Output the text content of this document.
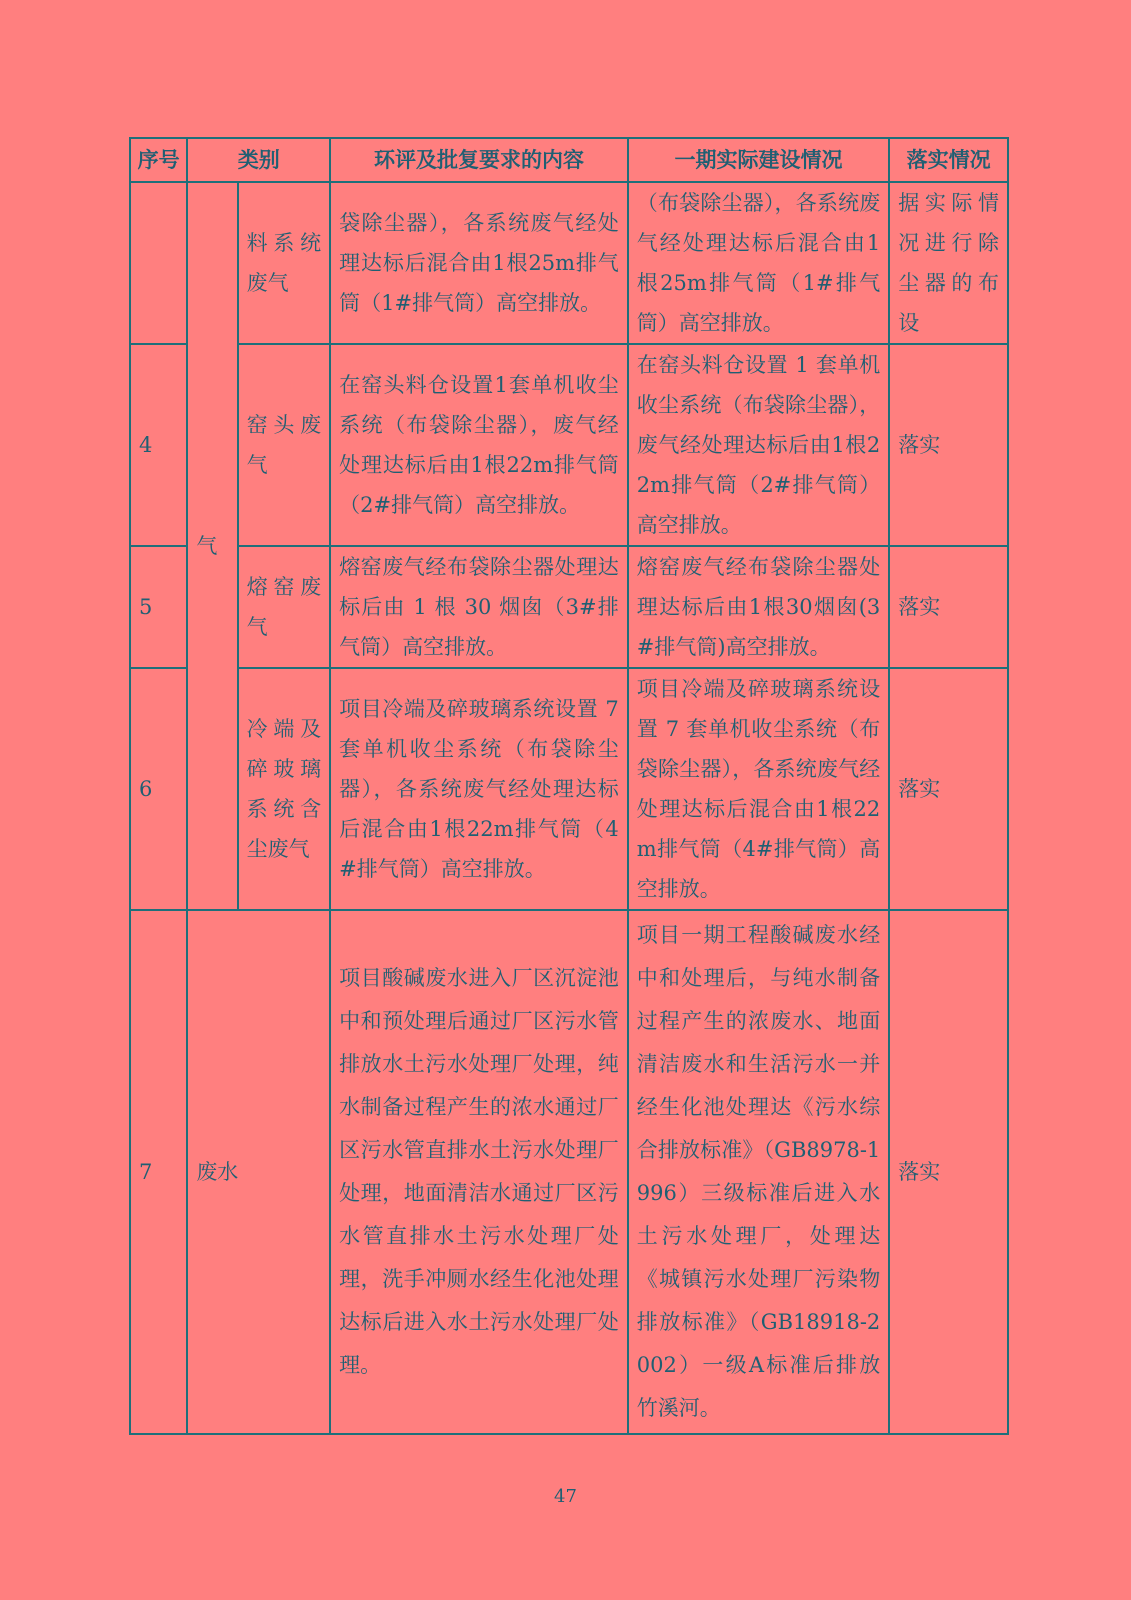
序号	类别		环评及批复要求的内容	一期实际建设情况	落实情况
	气	料系统废气	袋除尘器），各系统废气经处理达标后混合由1根25m排气筒（1#排气筒）高空排放。	（布袋除尘器），各系统废气经处理达标后混合由1根25m排气筒（1#排气筒）高空排放。	据实际情况进行除尘器的布设
4		窑头废气	在窑头料仓设置1套单机收尘系统（布袋除尘器），废气经处理达标后由1根22m排气筒（2#排气筒）高空排放。	在窑头料仓设置 1 套单机收尘系统（布袋除尘器），废气经处理达标后由1根22m排气筒（2#排气筒）高空排放。	落实
5		熔窑废气	熔窑废气经布袋除尘器处理达标后由 1 根 30 烟囱（3#排气筒）高空排放。	熔窑废气经布袋除尘器处理达标后由1根30烟囱(3#排气筒)高空排放。	落实
6		冷端及碎玻璃系统含尘废气	项目冷端及碎玻璃系统设置 7 套单机收尘系统（布袋除尘器），各系统废气经处理达标后混合由1根22m排气筒（4#排气筒）高空排放。	项目冷端及碎玻璃系统设置 7 套单机收尘系统（布袋除尘器），各系统废气经处理达标后混合由1根22m排气筒（4#排气筒）高空排放。	落实
7	废水		项目酸碱废水进入厂区沉淀池中和预处理后通过厂区污水管排放水土污水处理厂处理，纯水制备过程产生的浓水通过厂区污水管直排水土污水处理厂处理，地面清洁水通过厂区污水管直排水土污水处理厂处理，洗手冲厕水经生化池处理达标后进入水土污水处理厂处理。	项目一期工程酸碱废水经中和处理后，与纯水制备过程产生的浓废水、地面清洁废水和生活污水一并经生化池处理达《污水综合排放标准》（GB8978-1996）三级标准后进入水土污水处理厂，处理达《城镇污水处理厂污染物排放标准》（GB18918-2002）一级A标准后排放竹溪河。	落实
47
